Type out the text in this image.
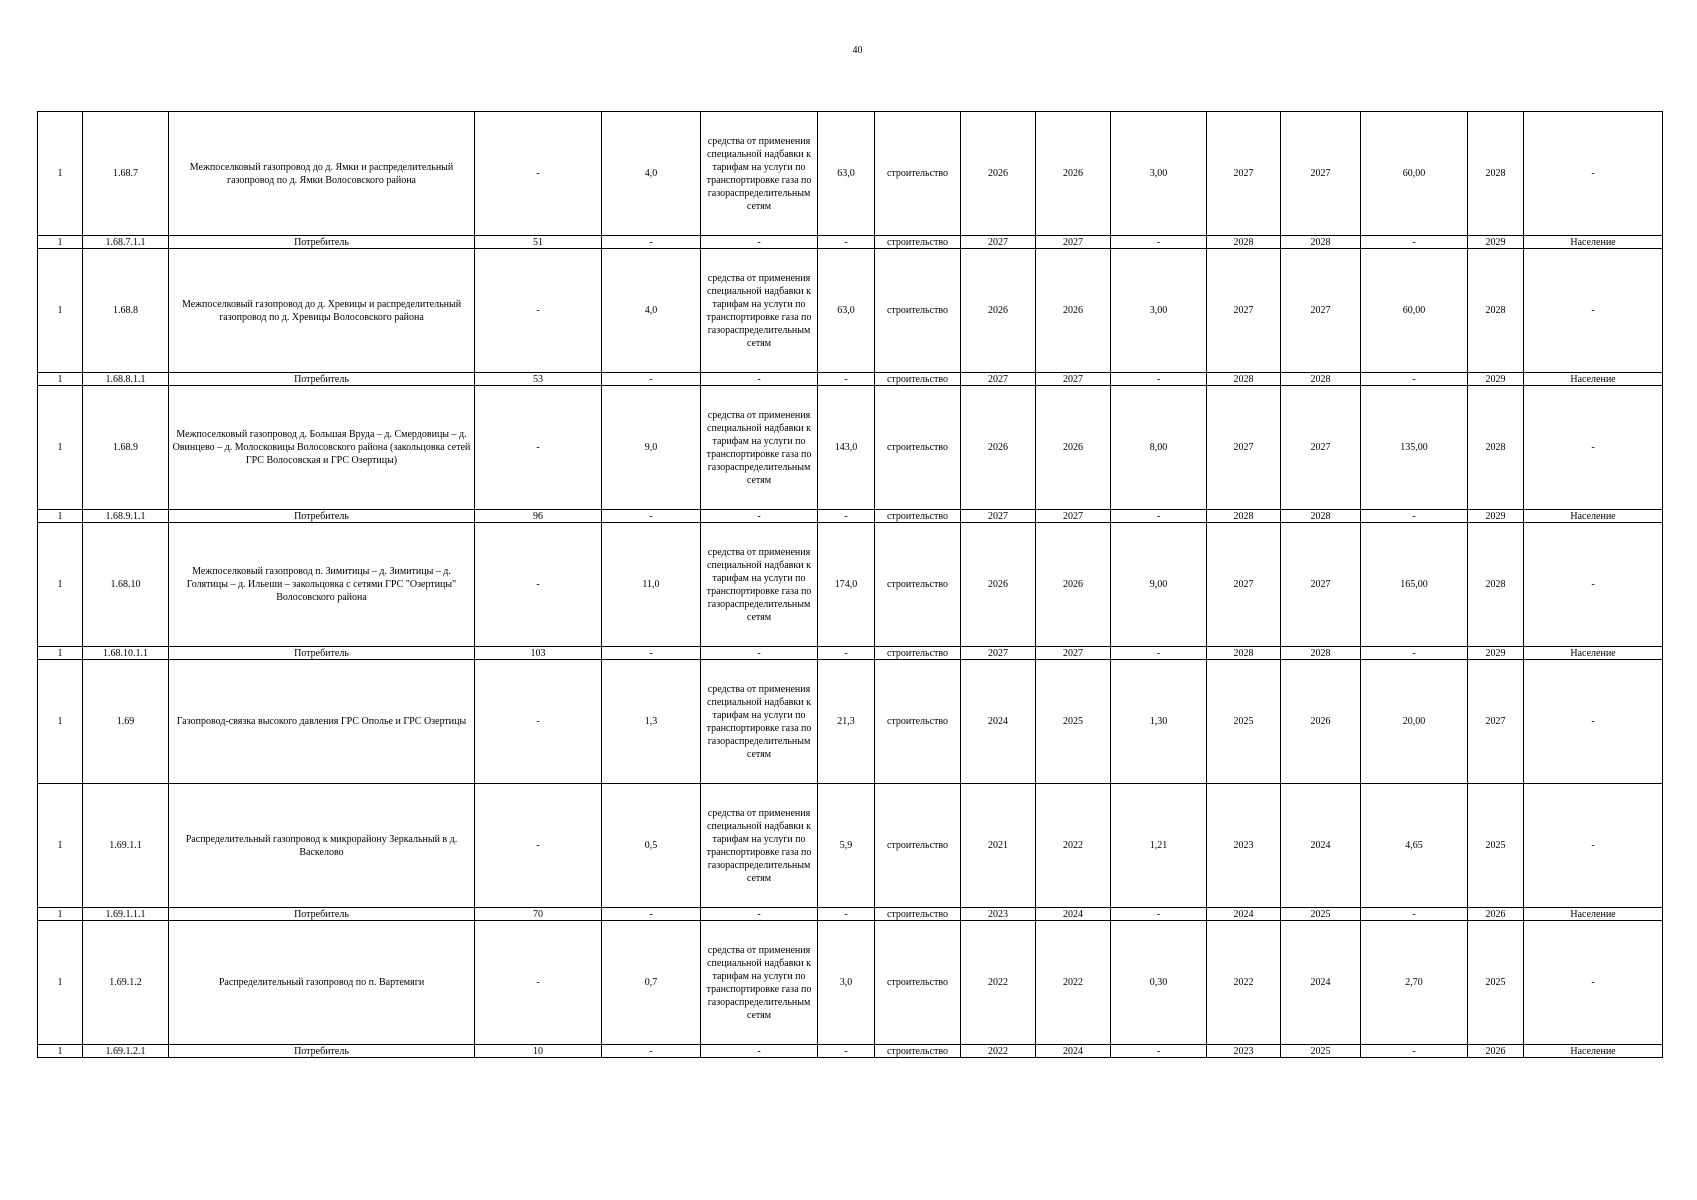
40
1	1.68.7	Межпоселковый газопровод до д. Ямки и распределительный газопровод по д. Ямки Волосовского района	-	4,0	средства от применения специальной надбавки к тарифам на услуги по транспортировке газа по газораспределительным сетям	63,0	строительство	2026	2026	3,00	2027	2027	60,00	2028	-
1	1.68.7.1.1	Потребитель	51	-	-	-	строительство	2027	2027	-	2028	2028	-	2029	Население
1	1.68.8	Межпоселковый газопровод до д. Хревицы и распределительный газопровод по д. Хревицы Волосовского района	-	4,0	средства от применения специальной надбавки к тарифам на услуги по транспортировке газа по газораспределительным сетям	63,0	строительство	2026	2026	3,00	2027	2027	60,00	2028	-
1	1.68.8.1.1	Потребитель	53	-	-	-	строительство	2027	2027	-	2028	2028	-	2029	Население
1	1.68.9	Межпоселковый газопровод д. Большая Вруда – д. Смердовицы – д. Овинцево – д. Молосковицы Волосовского района (закольцовка сетей ГРС Волосовская и ГРС Озертицы)	-	9,0	средства от применения специальной надбавки к тарифам на услуги по транспортировке газа по газораспределительным сетям	143,0	строительство	2026	2026	8,00	2027	2027	135,00	2028	-
1	1.68.9.1.1	Потребитель	96	-	-	-	строительство	2027	2027	-	2028	2028	-	2029	Население
1	1.68.10	Межпоселковый газопровод п. Зимитицы – д. Зимитицы – д. Голятицы – д. Ильеши – закольцовка с сетями ГРС "Озертицы" Волосовского района	-	11,0	средства от применения специальной надбавки к тарифам на услуги по транспортировке газа по газораспределительным сетям	174,0	строительство	2026	2026	9,00	2027	2027	165,00	2028	-
1	1.68.10.1.1	Потребитель	103	-	-	-	строительство	2027	2027	-	2028	2028	-	2029	Население
1	1.69	Газопровод-связка высокого давления ГРС Ополье и ГРС Озертицы	-	1,3	средства от применения специальной надбавки к тарифам на услуги по транспортировке газа по газораспределительным сетям	21,3	строительство	2024	2025	1,30	2025	2026	20,00	2027	-
1	1.69.1.1	Распределительный газопровод к микрорайону Зеркальный в д. Васкелово	-	0,5	средства от применения специальной надбавки к тарифам на услуги по транспортировке газа по газораспределительным сетям	5,9	строительство	2021	2022	1,21	2023	2024	4,65	2025	-
1	1.69.1.1.1	Потребитель	70	-	-	-	строительство	2023	2024	-	2024	2025	-	2026	Население
1	1.69.1.2	Распределительный газопровод по п. Вартемяги	-	0,7	средства от применения специальной надбавки к тарифам на услуги по транспортировке газа по газораспределительным сетям	3,0	строительство	2022	2022	0,30	2022	2024	2,70	2025	-
1	1.69.1.2.1	Потребитель	10	-	-	-	строительство	2022	2024	-	2023	2025	-	2026	Население
